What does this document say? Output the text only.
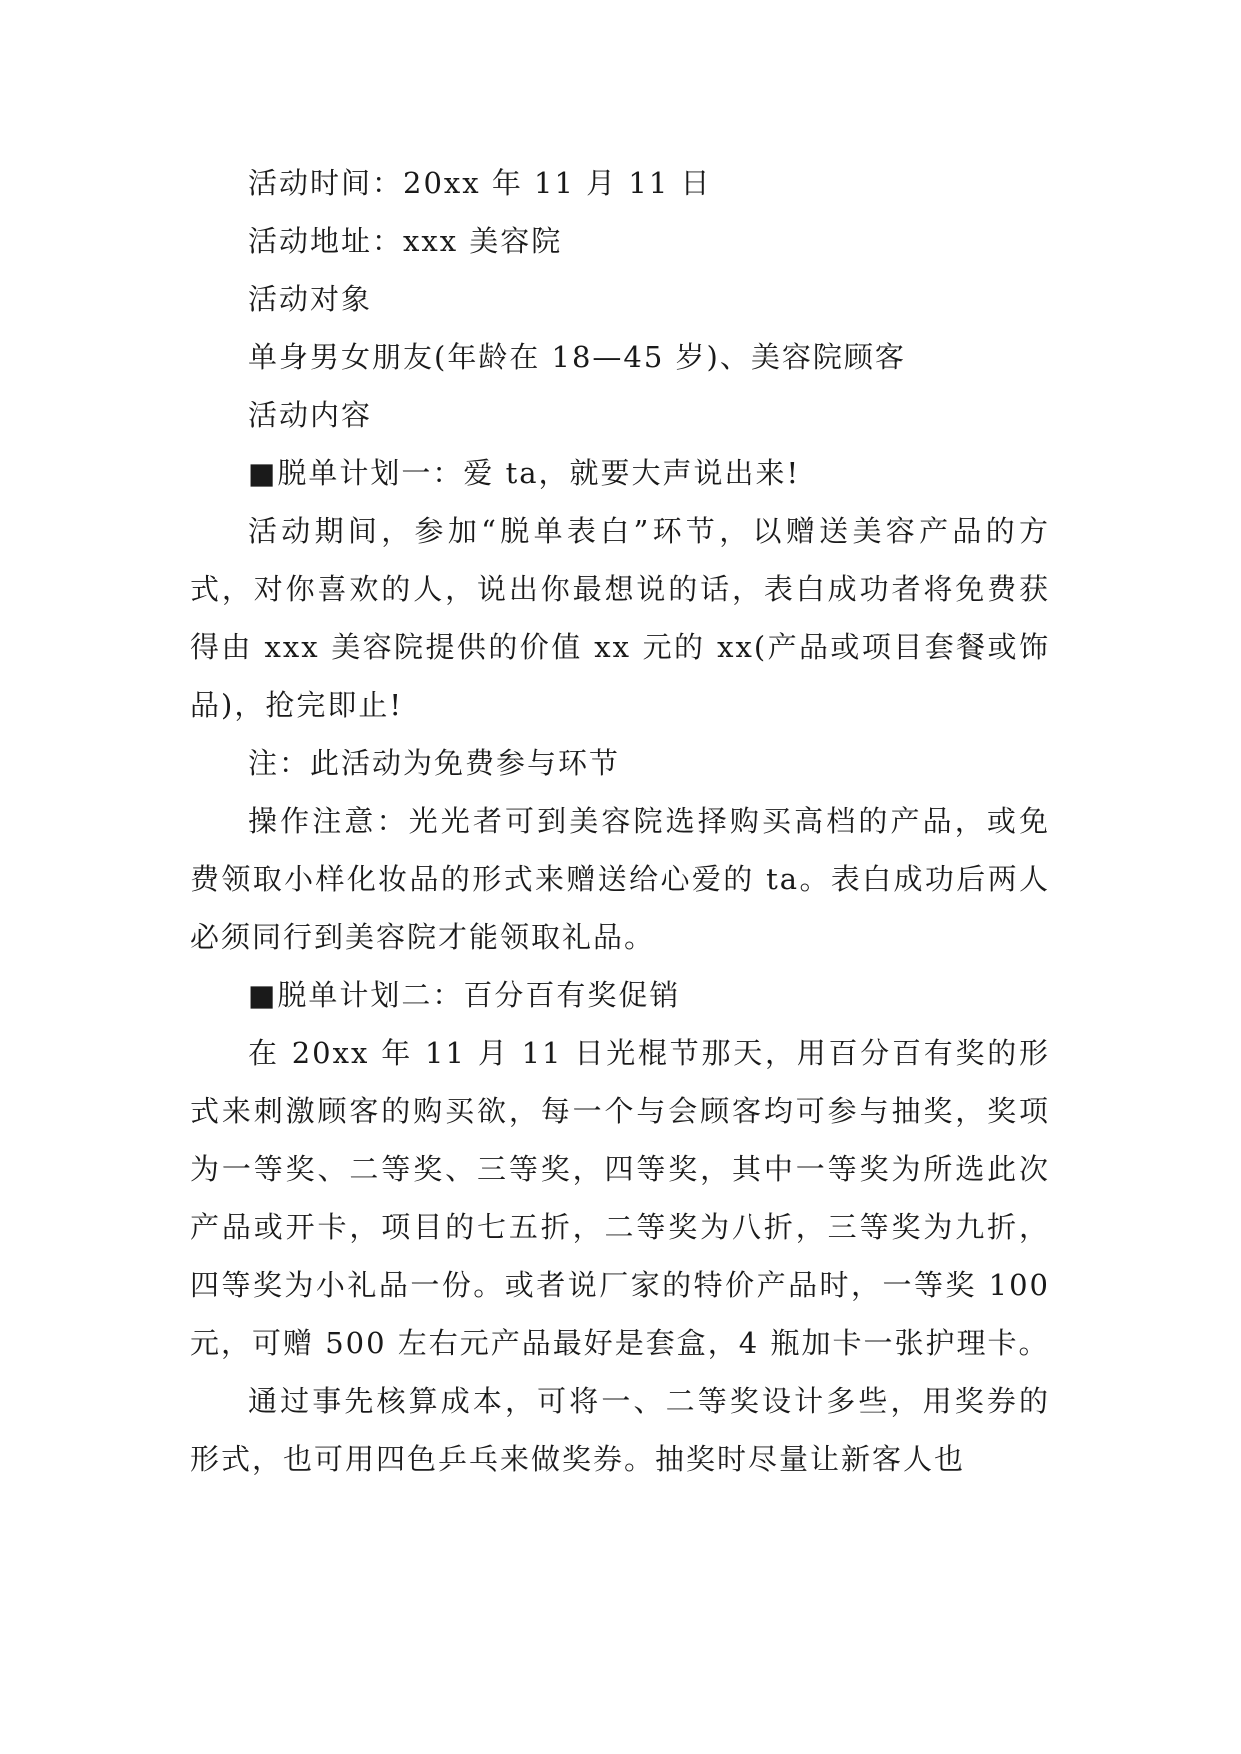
活动时间：20xx 年 11 月 11 日

活动地址：xxx 美容院

活动对象

单身男女朋友(年龄在 18—45 岁)、美容院顾客

活动内容

■脱单计划一：爱 ta，就要大声说出来!

活动期间，参加“脱单表白”环节，以赠送美容产品的方式，对你喜欢的人，说出你最想说的话，表白成功者将免费获得由 xxx 美容院提供的价值 xx 元的 xx(产品或项目套餐或饰品)，抢完即止!

注：此活动为免费参与环节

操作注意：光光者可到美容院选择购买高档的产品，或免费领取小样化妆品的形式来赠送给心爱的 ta。表白成功后两人必须同行到美容院才能领取礼品。

■脱单计划二：百分百有奖促销

在 20xx 年 11 月 11 日光棍节那天，用百分百有奖的形式来刺激顾客的购买欲，每一个与会顾客均可参与抽奖，奖项为一等奖、二等奖、三等奖，四等奖，其中一等奖为所选此次产品或开卡，项目的七五折，二等奖为八折，三等奖为九折，四等奖为小礼品一份。或者说厂家的特价产品时，一等奖 100 元，可赠 500 左右元产品最好是套盒，4 瓶加卡一张护理卡。

通过事先核算成本，可将一、二等奖设计多些，用奖券的形式，也可用四色乒乓来做奖券。抽奖时尽量让新客人也
